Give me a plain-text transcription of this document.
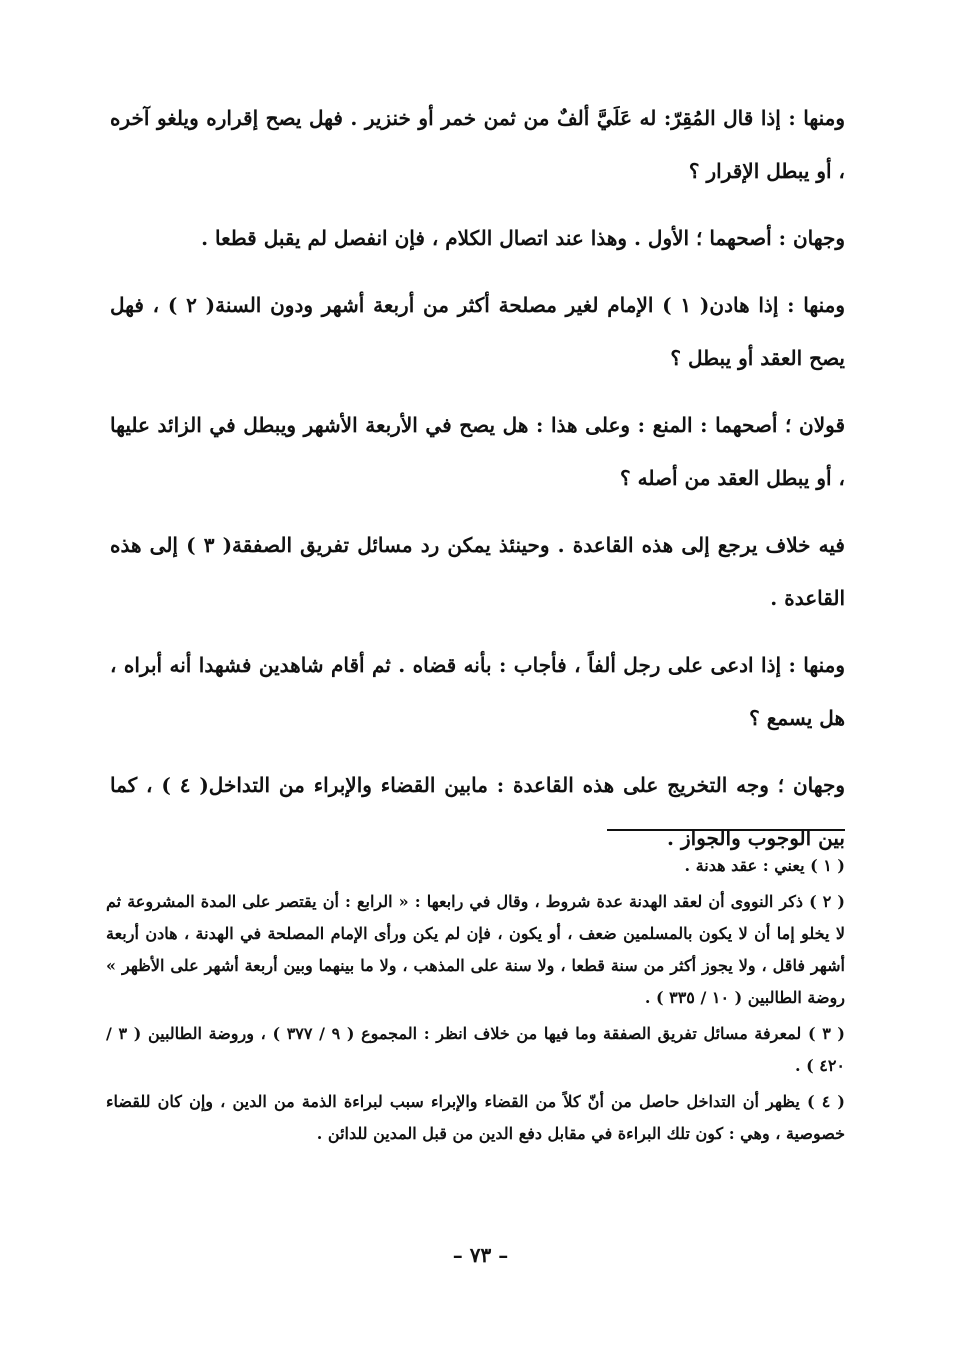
ومنها : إذا قال المُقِرّ: له عَلَيَّ ألفٌ من ثمن خمر أو خنزير . فهل يصح إقراره ويلغو آخره ، أو يبطل الإقرار ؟

وجهان : أصحهما ؛ الأول . وهذا عند اتصال الكلام ، فإن انفصل لم يقبل قطعا .

ومنها : إذا هادن( ١ ) الإمام لغير مصلحة أكثر من أربعة أشهر ودون السنة( ٢ ) ، فهل يصح العقد أو يبطل ؟

قولان ؛ أصحهما : المنع : وعلى هذا : هل يصح في الأربعة الأشهر ويبطل في الزائد عليها ، أو يبطل العقد من أصله ؟

فيه خلاف يرجع إلى هذه القاعدة . وحينئذ يمكن رد مسائل تفريق الصفقة( ٣ ) إلى هذه القاعدة .

ومنها : إذا ادعى على رجل ألفاً ، فأجاب : بأنه قضاه . ثم أقام شاهدين فشهدا أنه أبراه ، هل يسمع ؟

وجهان ؛ وجه التخريج على هذه القاعدة : مابين القضاء والإبراء من التداخل( ٤ ) ، كما بين الوجوب والجواز .

( ١ ) يعني : عقد هدنة .

( ٢ ) ذكر النووى أن لعقد الهدنة عدة شروط ، وقال في رابعها : « الرابع : أن يقتصر على المدة المشروعة ثم لا يخلو إما أن لا يكون بالمسلمين ضعف ، أو يكون ، فإن لم يكن ورأى الإمام المصلحة في الهدنة ، هادن أربعة أشهر فاقل ، ولا يجوز أكثر من سنة قطعا ، ولا سنة على المذهب ، ولا ما بينهما وبين أربعة أشهر على الأظهر » روضة الطالبين ( ١٠ / ٣٣٥ ) .

( ٣ ) لمعرفة مسائل تفريق الصفقة وما فيها من خلاف انظر : المجموع ( ٩ / ٣٧٧ ) ، وروضة الطالبين ( ٣ / ٤٢٠ ) .

( ٤ ) يظهر أن التداخل حاصل من أنّ كلاً من القضاء والإبراء سبب لبراءة الذمة من الدين ، وإن كان للقضاء خصوصية ، وهي : كون تلك البراءة في مقابل دفع الدين من قبل المدين للدائن .

– ٧٣ –
